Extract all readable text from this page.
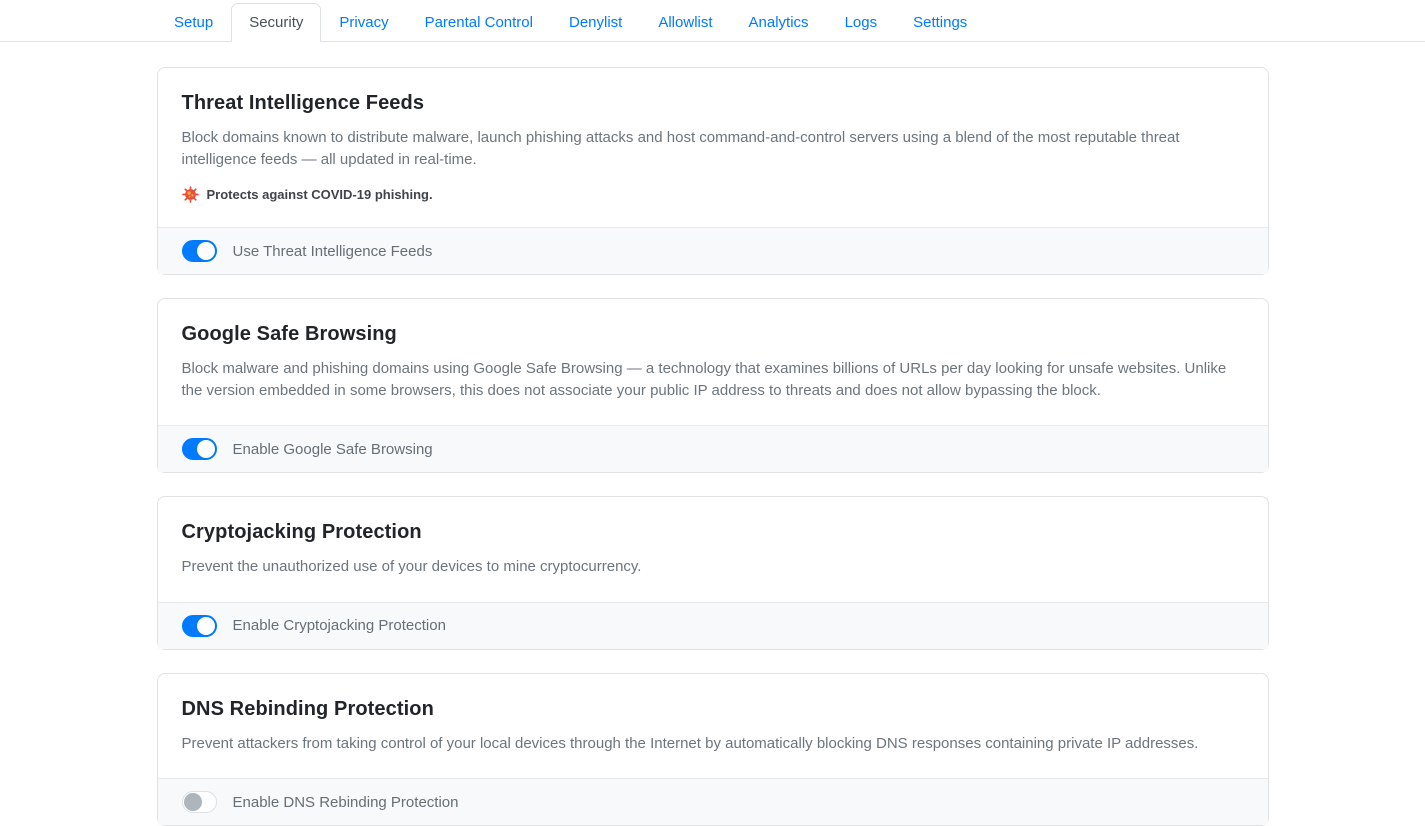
Setup	Security	Privacy	Parental Control	Denylist	Allowlist	Analytics	Logs	Settings
Threat Intelligence Feeds

Block domains known to distribute malware, launch phishing attacks and host command-and-control servers using a blend of the most reputable threat intelligence feeds — all updated in real-time.

Protects against COVID-19 phishing.
Use Threat Intelligence Feeds
Google Safe Browsing

Block malware and phishing domains using Google Safe Browsing — a technology that examines billions of URLs per day looking for unsafe websites. Unlike the version embedded in some browsers, this does not associate your public IP address to threats and does not allow bypassing the block.

Enable Google Safe Browsing
Cryptojacking Protection

Prevent the unauthorized use of your devices to mine cryptocurrency.

Enable Cryptojacking Protection
DNS Rebinding Protection

Prevent attackers from taking control of your local devices through the Internet by automatically blocking DNS responses containing private IP addresses.

Enable DNS Rebinding Protection
